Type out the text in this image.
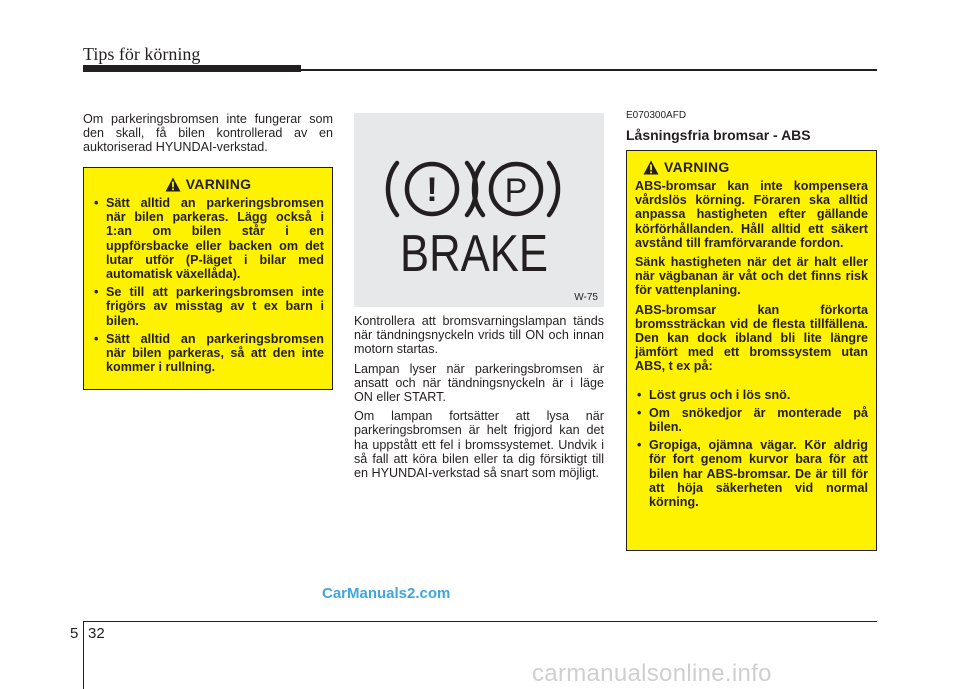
Tips för körning

Om parkeringsbromsen inte fungerar som den skall, få bilen kontrollerad av en auktoriserad HYUNDAI-verkstad.

VARNING
• Sätt alltid an parkeringsbromsen när bilen parkeras. Lägg också i 1:an om bilen står i en uppförsbacke eller backen om det lutar utför (P-läget i bilar med automatisk växellåda).
• Se till att parkeringsbromsen inte frigörs av misstag av t ex barn i bilen.
• Sätt alltid an parkeringsbromsen när bilen parkeras, så att den inte kommer i rullning.
! P
BRAKE
W-75

Kontrollera att bromsvarningslampan tänds när tändningsnyckeln vrids till ON och innan motorn startas.

Lampan lyser när parkeringsbromsen är ansatt och när tändningsnyckeln är i läge ON eller START.

Om lampan fortsätter att lysa när parkeringsbromsen är helt frigjord kan det ha uppstått ett fel i bromssystemet. Undvik i så fall att köra bilen eller ta dig försiktigt till en HYUNDAI-verkstad så snart som möjligt.

E070300AFD

Låsningsfria bromsar - ABS

VARNING

ABS-bromsar kan inte kompensera vårdslös körning. Föraren ska alltid anpassa hastigheten efter gällande körförhållanden. Håll alltid ett säkert avstånd till framförvarande fordon.

Sänk hastigheten när det är halt eller när vägbanan är våt och det finns risk för vattenplaning.

ABS-bromsar kan förkorta bromssträckan vid de flesta tillfällena. Den kan dock ibland bli lite längre jämfört med ett bromssystem utan ABS, t ex på:

• Löst grus och i lös snö.
• Om snökedjor är monterade på bilen.
• Gropiga, ojämna vägar. Kör aldrig för fort genom kurvor bara för att bilen har ABS-bromsar. De är till för att höja säkerheten vid normal körning.
CarManuals2.com
carmanualsonline.info
5 32
